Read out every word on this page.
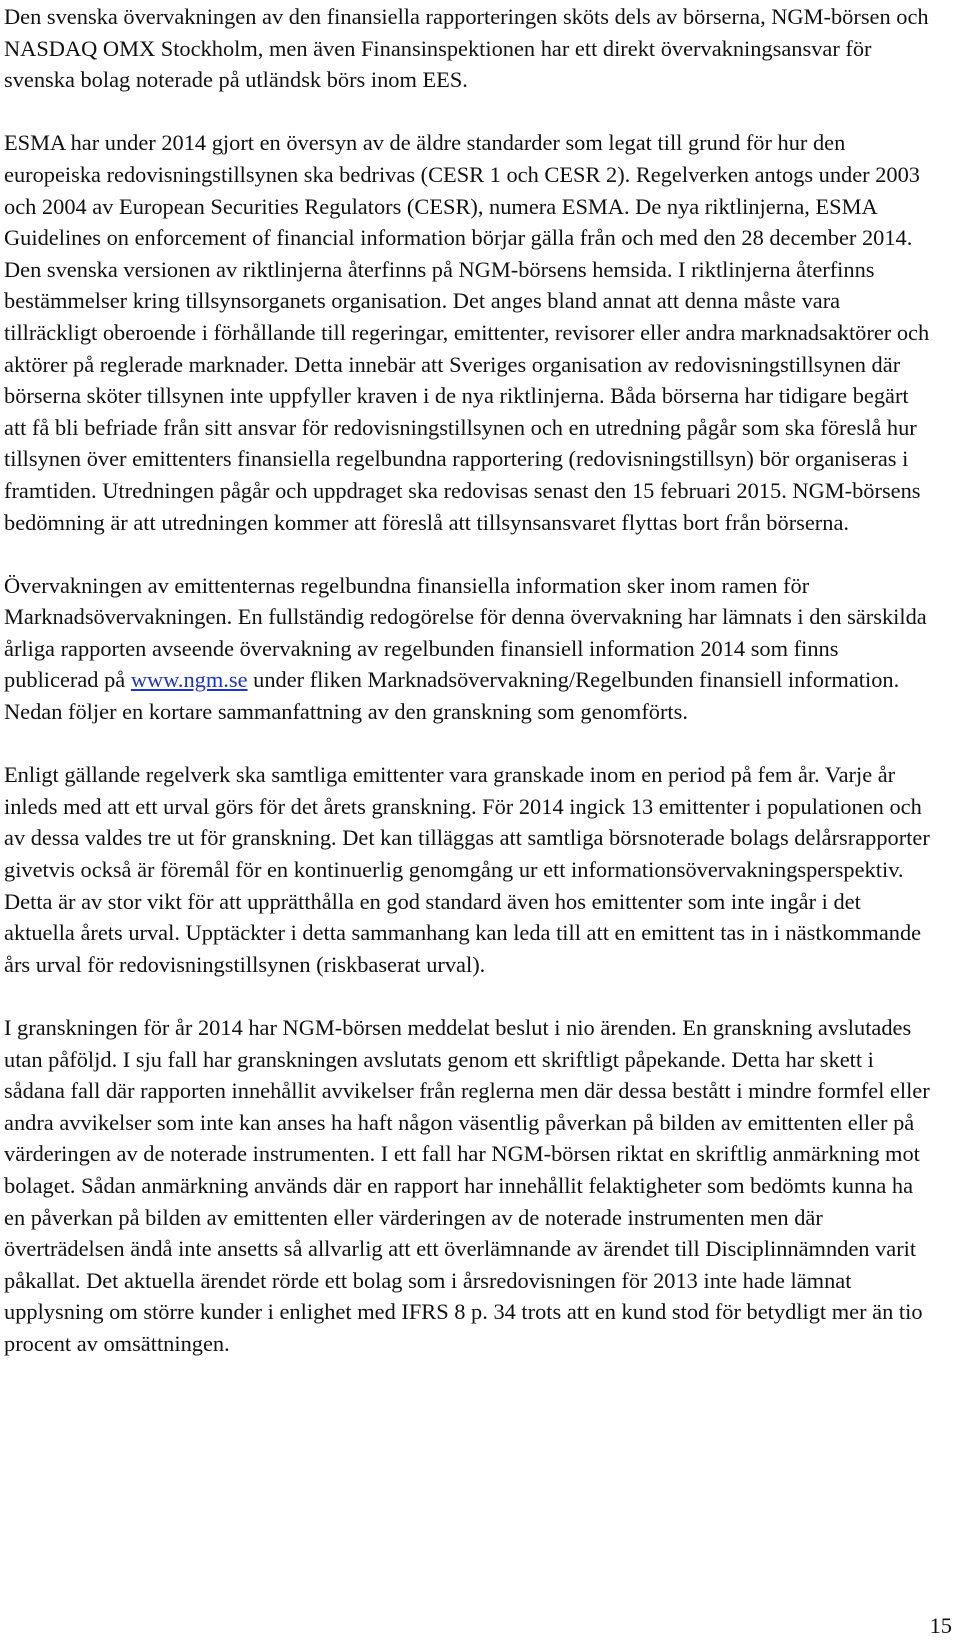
Den svenska övervakningen av den finansiella rapporteringen sköts dels av börserna, NGM-börsen och NASDAQ OMX Stockholm, men även Finansinspektionen har ett direkt övervakningsansvar för svenska bolag noterade på utländsk börs inom EES.

ESMA har under 2014 gjort en översyn av de äldre standarder som legat till grund för hur den europeiska redovisningstillsynen ska bedrivas (CESR 1 och CESR 2). Regelverken antogs under 2003 och 2004 av European Securities Regulators (CESR), numera ESMA. De nya riktlinjerna, ESMA Guidelines on enforcement of financial information börjar gälla från och med den 28 december 2014. Den svenska versionen av riktlinjerna återfinns på NGM-börsens hemsida. I riktlinjerna återfinns bestämmelser kring tillsynsorganets organisation. Det anges bland annat att denna måste vara tillräckligt oberoende i förhållande till regeringar, emittenter, revisorer eller andra marknadsaktörer och aktörer på reglerade marknader. Detta innebär att Sveriges organisation av redovisningstillsynen där börserna sköter tillsynen inte uppfyller kraven i de nya riktlinjerna. Båda börserna har tidigare begärt att få bli befriade från sitt ansvar för redovisningstillsynen och en utredning pågår som ska föreslå hur tillsynen över emittenters finansiella regelbundna rapportering (redovisningstillsyn) bör organiseras i framtiden. Utredningen pågår och uppdraget ska redovisas senast den 15 februari 2015. NGM-börsens bedömning är att utredningen kommer att föreslå att tillsynsansvaret flyttas bort från börserna.

Övervakningen av emittenternas regelbundna finansiella information sker inom ramen för Marknadsövervakningen. En fullständig redogörelse för denna övervakning har lämnats i den särskilda årliga rapporten avseende övervakning av regelbunden finansiell information 2014 som finns publicerad på www.ngm.se under fliken Marknadsövervakning/Regelbunden finansiell information. Nedan följer en kortare sammanfattning av den granskning som genomförts.

Enligt gällande regelverk ska samtliga emittenter vara granskade inom en period på fem år. Varje år inleds med att ett urval görs för det årets granskning. För 2014 ingick 13 emittenter i populationen och av dessa valdes tre ut för granskning. Det kan tilläggas att samtliga börsnoterade bolags delårsrapporter givetvis också är föremål för en kontinuerlig genomgång ur ett informationsövervakningsperspektiv. Detta är av stor vikt för att upprätthålla en god standard även hos emittenter som inte ingår i det aktuella årets urval. Upptäckter i detta sammanhang kan leda till att en emittent tas in i nästkommande års urval för redovisningstillsynen (riskbaserat urval).

I granskningen för år 2014 har NGM-börsen meddelat beslut i nio ärenden. En granskning avslutades utan påföljd. I sju fall har granskningen avslutats genom ett skriftligt påpekande. Detta har skett i sådana fall där rapporten innehållit avvikelser från reglerna men där dessa bestått i mindre formfel eller andra avvikelser som inte kan anses ha haft någon väsentlig påverkan på bilden av emittenten eller på värderingen av de noterade instrumenten. I ett fall har NGM-börsen riktat en skriftlig anmärkning mot bolaget. Sådan anmärkning används där en rapport har innehållit felaktigheter som bedömts kunna ha en påverkan på bilden av emittenten eller värderingen av de noterade instrumenten men där överträdelsen ändå inte ansetts så allvarlig att ett överlämnande av ärendet till Disciplinnämnden varit påkallat. Det aktuella ärendet rörde ett bolag som i årsredovisningen för 2013 inte hade lämnat upplysning om större kunder i enlighet med IFRS 8 p. 34 trots att en kund stod för betydligt mer än tio procent av omsättningen.

15
